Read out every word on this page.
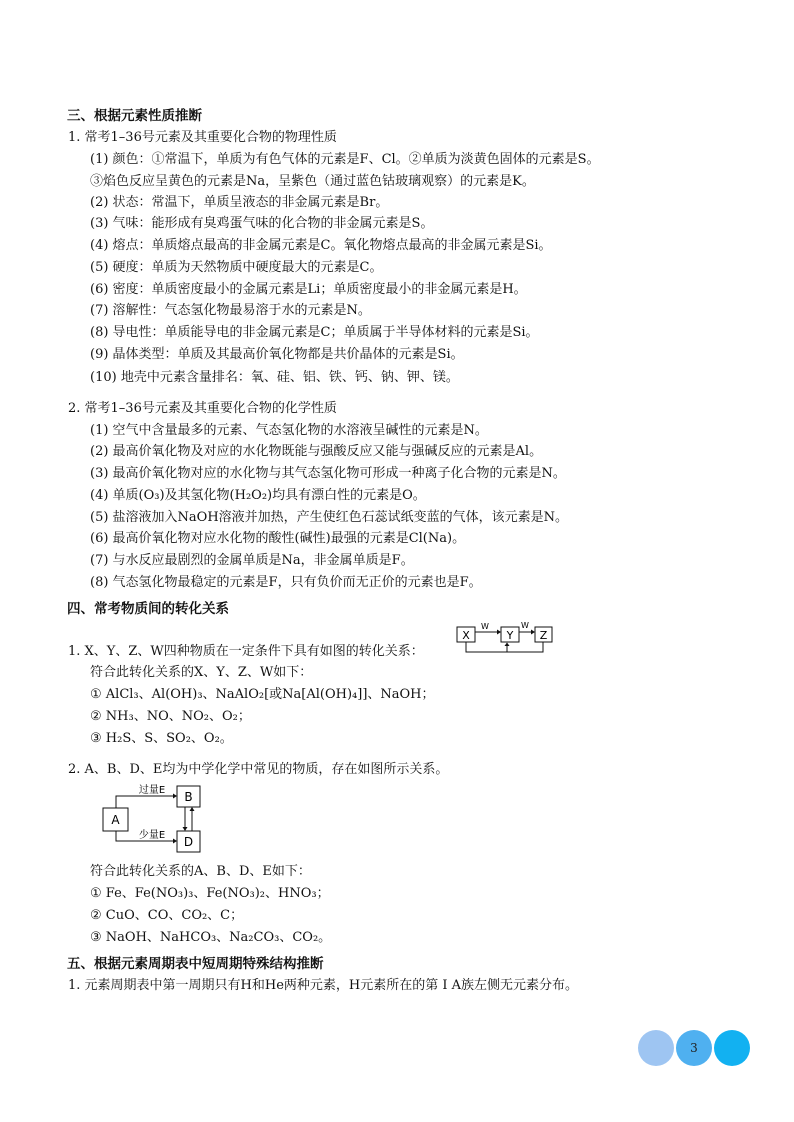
三、根据元素性质推断
1. 常考1–36号元素及其重要化合物的物理性质
(1) 颜色：①常温下，单质为有色气体的元素是F、Cl。②单质为淡黄色固体的元素是S。
③焰色反应呈黄色的元素是Na，呈紫色（通过蓝色钴玻璃观察）的元素是K。
(2) 状态：常温下，单质呈液态的非金属元素是Br。
(3) 气味：能形成有臭鸡蛋气味的化合物的非金属元素是S。
(4) 熔点：单质熔点最高的非金属元素是C。氧化物熔点最高的非金属元素是Si。
(5) 硬度：单质为天然物质中硬度最大的元素是C。
(6) 密度：单质密度最小的金属元素是Li；单质密度最小的非金属元素是H。
(7) 溶解性：气态氢化物最易溶于水的元素是N。
(8) 导电性：单质能导电的非金属元素是C；单质属于半导体材料的元素是Si。
(9) 晶体类型：单质及其最高价氧化物都是共价晶体的元素是Si。
(10) 地壳中元素含量排名：氧、硅、铝、铁、钙、钠、钾、镁。
2. 常考1–36号元素及其重要化合物的化学性质
(1) 空气中含量最多的元素、气态氢化物的水溶液呈碱性的元素是N。
(2) 最高价氧化物及对应的水化物既能与强酸反应又能与强碱反应的元素是Al。
(3) 最高价氧化物对应的水化物与其气态氢化物可形成一种离子化合物的元素是N。
(4) 单质(O₃)及其氢化物(H₂O₂)均具有漂白性的元素是O。
(5) 盐溶液加入NaOH溶液并加热，产生使红色石蕊试纸变蓝的气体，该元素是N。
(6) 最高价氧化物对应水化物的酸性(碱性)最强的元素是Cl(Na)。
(7) 与水反应最剧烈的金属单质是Na，非金属单质是F。
(8) 气态氢化物最稳定的元素是F，只有负价而无正价的元素也是F。
四、常考物质间的转化关系
1. X、Y、Z、W四种物质在一定条件下具有如图的转化关系：
X
W
Y
W
Z
符合此转化关系的X、Y、Z、W如下：
① AlCl₃、Al(OH)₃、NaAlO₂[或Na[Al(OH)₄]]、NaOH；
② NH₃、NO、NO₂、O₂；
③ H₂S、S、SO₂、O₂。
2. A、B、D、E均为中学化学中常见的物质，存在如图所示关系。
B
A
D
过量E
少量E
符合此转化关系的A、B、D、E如下：
① Fe、Fe(NO₃)₃、Fe(NO₃)₂、HNO₃；
② CuO、CO、CO₂、C；
③ NaOH、NaHCO₃、Na₂CO₃、CO₂。
五、根据元素周期表中短周期特殊结构推断
1. 元素周期表中第一周期只有H和He两种元素，H元素所在的第 Ⅰ A族左侧无元素分布。
3
